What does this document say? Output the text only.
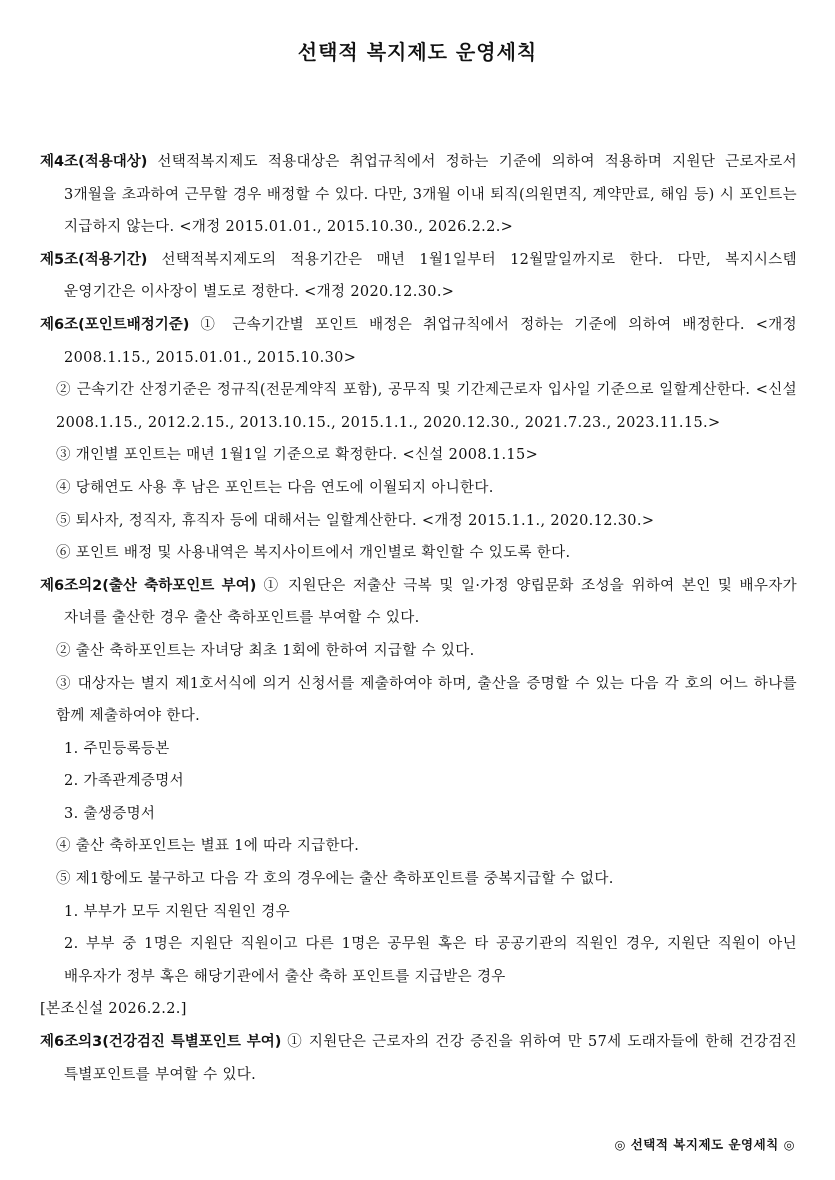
선택적 복지제도 운영세칙

제4조(적용대상) 선택적복지제도 적용대상은 취업규칙에서 정하는 기준에 의하여 적용하며 지원단 근로자로서 3개월을 초과하여 근무할 경우 배정할 수 있다. 다만, 3개월 이내 퇴직(의원면직, 계약만료, 해임 등) 시 포인트는 지급하지 않는다. <개정 2015.01.01., 2015.10.30., 2026.2.2.>

제5조(적용기간) 선택적복지제도의 적용기간은 매년 1월1일부터 12월말일까지로 한다. 다만, 복지시스템 운영기간은 이사장이 별도로 정한다. <개정 2020.12.30.>

제6조(포인트배정기준) ① 근속기간별 포인트 배정은 취업규칙에서 정하는 기준에 의하여 배정한다. <개정 2008.1.15., 2015.01.01., 2015.10.30>

② 근속기간 산정기준은 정규직(전문계약직 포함), 공무직 및 기간제근로자 입사일 기준으로 일할계산한다. <신설 2008.1.15., 2012.2.15., 2013.10.15., 2015.1.1., 2020.12.30., 2021.7.23., 2023.11.15.>

③ 개인별 포인트는 매년 1월1일 기준으로 확정한다. <신설 2008.1.15>

④ 당해연도 사용 후 남은 포인트는 다음 연도에 이월되지 아니한다.

⑤ 퇴사자, 정직자, 휴직자 등에 대해서는 일할계산한다. <개정 2015.1.1., 2020.12.30.>

⑥ 포인트 배정 및 사용내역은 복지사이트에서 개인별로 확인할 수 있도록 한다.

제6조의2(출산 축하포인트 부여) ① 지원단은 저출산 극복 및 일·가정 양립문화 조성을 위하여 본인 및 배우자가 자녀를 출산한 경우 출산 축하포인트를 부여할 수 있다.

② 출산 축하포인트는 자녀당 최초 1회에 한하여 지급할 수 있다.

③ 대상자는 별지 제1호서식에 의거 신청서를 제출하여야 하며, 출산을 증명할 수 있는 다음 각 호의 어느 하나를 함께 제출하여야 한다.

1. 주민등록등본

2. 가족관계증명서

3. 출생증명서

④ 출산 축하포인트는 별표 1에 따라 지급한다.

⑤ 제1항에도 불구하고 다음 각 호의 경우에는 출산 축하포인트를 중복지급할 수 없다.

1. 부부가 모두 지원단 직원인 경우

2. 부부 중 1명은 지원단 직원이고 다른 1명은 공무원 혹은 타 공공기관의 직원인 경우, 지원단 직원이 아닌 배우자가 정부 혹은 해당기관에서 출산 축하 포인트를 지급받은 경우

[본조신설 2026.2.2.]

제6조의3(건강검진 특별포인트 부여) ① 지원단은 근로자의 건강 증진을 위하여 만 57세 도래자들에 한해 건강검진 특별포인트를 부여할 수 있다.

◎ 선택적 복지제도 운영세칙 ◎
